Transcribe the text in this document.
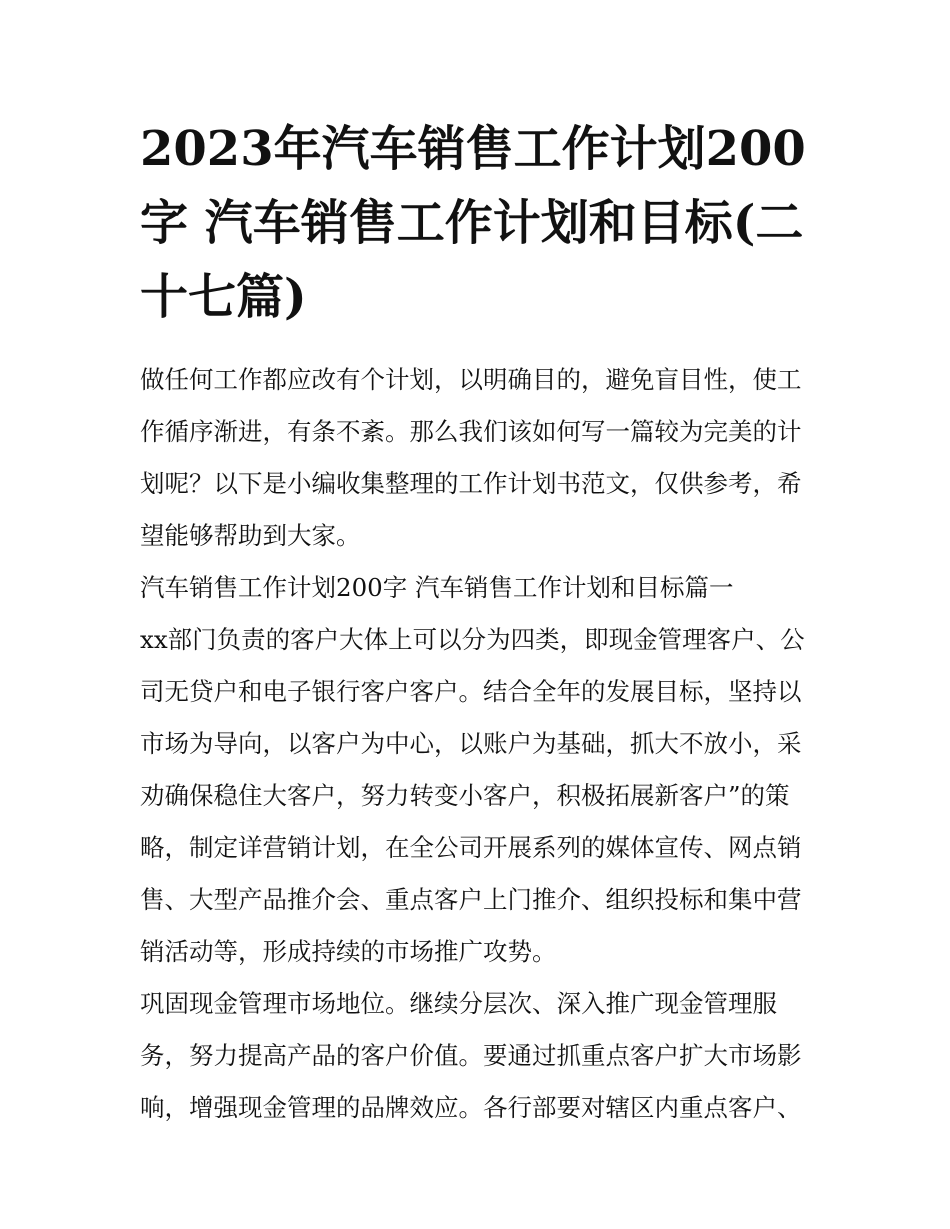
2023年汽车销售工作计划200字 汽车销售工作计划和目标(二十七篇)

做任何工作都应改有个计划，以明确目的，避免盲目性，使工作循序渐进，有条不紊。那么我们该如何写一篇较为完美的计划呢？以下是小编收集整理的工作计划书范文，仅供参考，希望能够帮助到大家。

汽车销售工作计划200字 汽车销售工作计划和目标篇一

xx部门负责的客户大体上可以分为四类，即现金管理客户、公司无贷户和电子银行客户客户。结合全年的发展目标，坚持以市场为导向，以客户为中心，以账户为基础，抓大不放小，采劝确保稳住大客户，努力转变小客户，积极拓展新客户”的策略，制定详营销计划，在全公司开展系列的媒体宣传、网点销售、大型产品推介会、重点客户上门推介、组织投标和集中营销活动等，形成持续的市场推广攻势。

巩固现金管理市场地位。继续分层次、深入推广现金管理服务，努力提高产品的客户价值。要通过抓重点客户扩大市场影响，增强现金管理的品牌效应。各行部要对辖区内重点客户、
